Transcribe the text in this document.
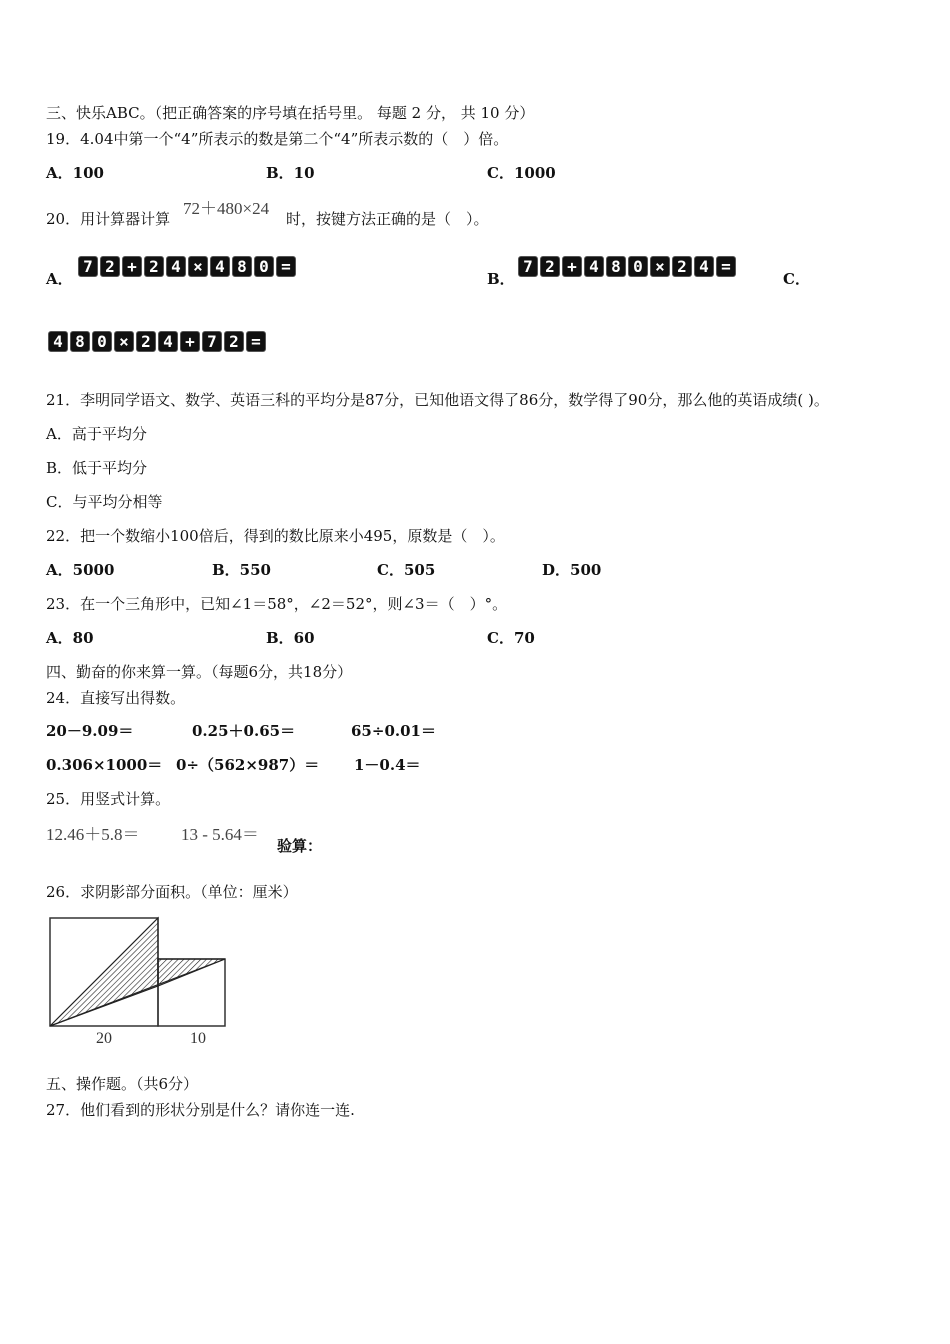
三、快乐ABC。（把正确答案的序号填在括号里。 每题 2 分， 共 10 分）
19．4.04中第一个“4”所表示的数是第二个“4”所表示数的（　）倍。
A．100	B．10	C．1000
20．用计算器计算
72＋480×24
时，按键方法正确的是（　）。
A．
7 2 + 2 4 × 4 8 0 =
B．
7 2 + 4 8 0 × 2 4 =
C．
4 8 0 × 2 4 + 7 2 =
21．李明同学语文、数学、英语三科的平均分是87分，已知他语文得了86分，数学得了90分，那么他的英语成绩( )。
A．高于平均分
B．低于平均分
C．与平均分相等
22．把一个数缩小100倍后，得到的数比原来小495，原数是（　）。
A．5000	B．550	C．505	D．500
23．在一个三角形中，已知∠1＝58°，∠2＝52°，则∠3＝（　）°。
A．80	B．60	C．70
四、勤奋的你来算一算。（每题6分，共18分）
24．直接写出得数。
20－9.09＝	0.25＋0.65＝	65÷0.01＝
0.306×1000＝ 0÷（562×987）＝ 1－0.4＝
25．用竖式计算。
12.46＋5.8＝ 13 - 5.64＝
验算：
26．求阴影部分面积。（单位：厘米）
20	10
五、操作题。（共6分）
27．他们看到的形状分别是什么？请你连一连.
